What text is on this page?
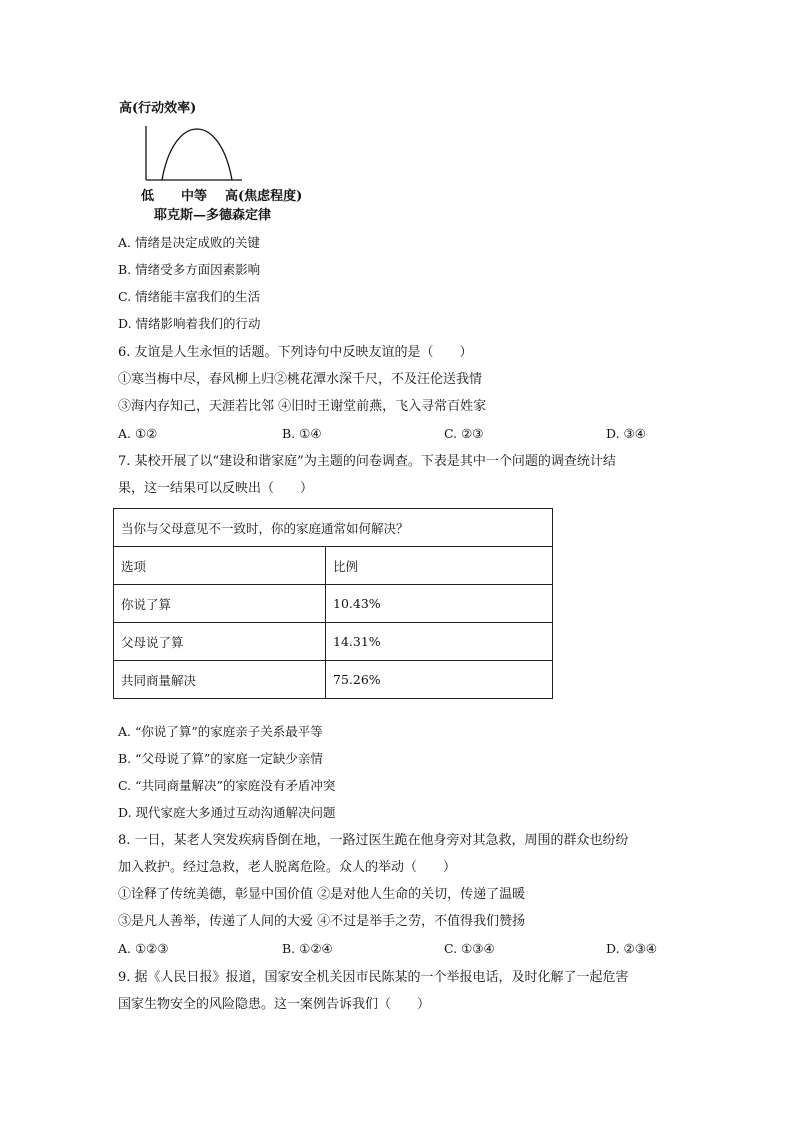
高(行动效率)
低 中等 高(焦虑程度)
耶克斯—多德森定律
A. 情绪是决定成败的关键
B. 情绪受多方面因素影响
C. 情绪能丰富我们的生活
D. 情绪影响着我们的行动
6. 友谊是人生永恒的话题。下列诗句中反映友谊的是（　　）
①寒当梅中尽，春风柳上归②桃花潭水深千尺，不及汪伦送我情
③海内存知己，天涯若比邻 ④旧时王谢堂前燕，飞入寻常百姓家
A. ①②	B. ①④	C. ②③	D. ③④
7. 某校开展了以“建设和谐家庭”为主题的问卷调查。下表是其中一个问题的调查统计结
果，这一结果可以反映出（　　）
当你与父母意见不一致时，你的家庭通常如何解决？	
选项	比例
你说了算	10.43%
父母说了算	14.31%
共同商量解决	75.26%
A. “你说了算”的家庭亲子关系最平等
B. “父母说了算”的家庭一定缺少亲情
C. “共同商量解决”的家庭没有矛盾冲突
D. 现代家庭大多通过互动沟通解决问题
8. 一日，某老人突发疾病昏倒在地，一路过医生跪在他身旁对其急救，周围的群众也纷纷
加入救护。经过急救，老人脱离危险。众人的举动（　　）
①诠释了传统美德，彰显中国价值 ②是对他人生命的关切，传递了温暖
③是凡人善举，传递了人间的大爱 ④不过是举手之劳，不值得我们赞扬
A. ①②③	B. ①②④	C. ①③④	D. ②③④
9. 据《人民日报》报道，国家安全机关因市民陈某的一个举报电话，及时化解了一起危害
国家生物安全的风险隐患。这一案例告诉我们（　　）
